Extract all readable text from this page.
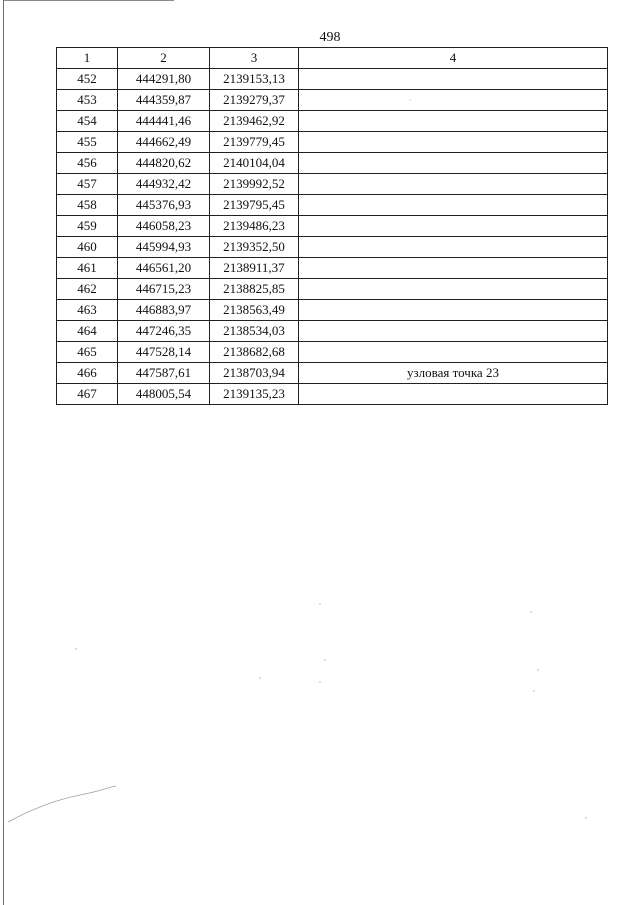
498
1	2	3	4
452	444291,80	2139153,13	
453	444359,87	2139279,37	
454	444441,46	2139462,92	
455	444662,49	2139779,45	
456	444820,62	2140104,04	
457	444932,42	2139992,52	
458	445376,93	2139795,45	
459	446058,23	2139486,23	
460	445994,93	2139352,50	
461	446561,20	2138911,37	
462	446715,23	2138825,85	
463	446883,97	2138563,49	
464	447246,35	2138534,03	
465	447528,14	2138682,68	
466	447587,61	2138703,94	узловая точка 23
467	448005,54	2139135,23	
